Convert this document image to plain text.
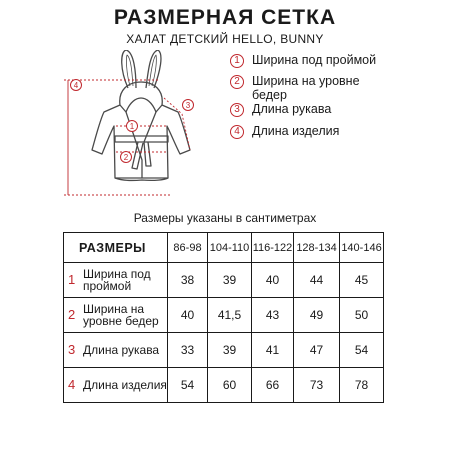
РАЗМЕРНАЯ СЕТКА
ХАЛАТ ДЕТСКИЙ HELLO, BUNNY
1
2
3
4
1 Ширина под проймой
2 Ширина на уровне бедер
3 Длина рукава
4 Длина изделия
Размеры указаны в сантиметрах
РАЗМЕРЫ	86-98	104-110	116-122	128-134	140-146

1 Ширина под проймой	38	39	40	44	45

2 Ширина на уровне бедер	40	41,5	43	49	50

3 Длина рукава	33	39	41	47	54

4 Длина изделия	54	60	66	73	78
